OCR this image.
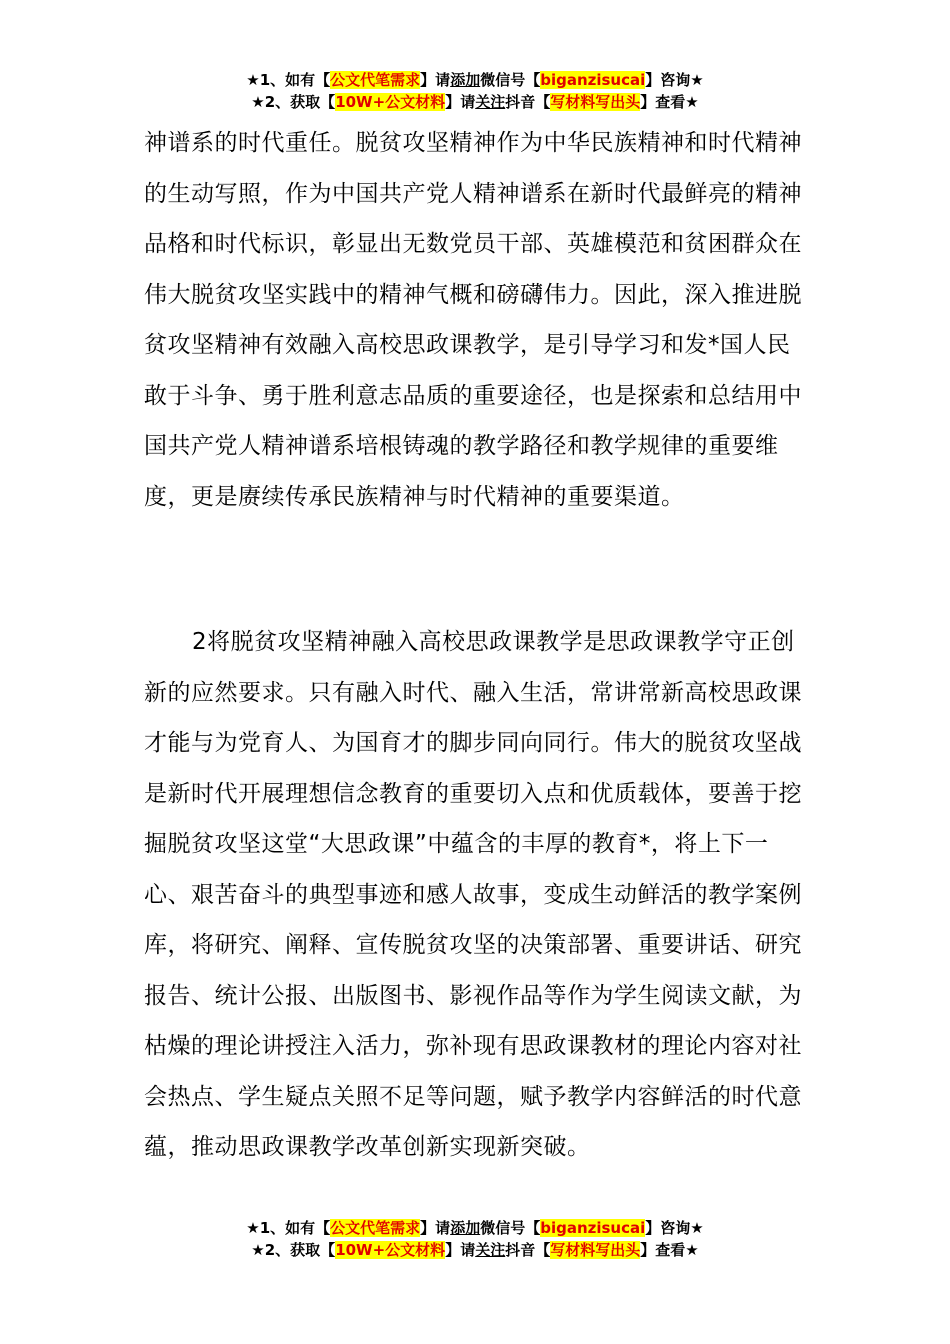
★1、如有【公文代笔需求】请添加微信号【biganzisucai】咨询★
★2、获取【10W+公文材料】请关注抖音【写材料写出头】查看★
神谱系的时代重任。脱贫攻坚精神作为中华民族精神和时代精神的生动写照，作为中国共产党人精神谱系在新时代最鲜亮的精神品格和时代标识，彰显出无数党员干部、英雄模范和贫困群众在伟大脱贫攻坚实践中的精神气概和磅礴伟力。因此，深入推进脱贫攻坚精神有效融入高校思政课教学，是引导学习和发*国人民敢于斗争、勇于胜利意志品质的重要途径，也是探索和总结用中国共产党人精神谱系培根铸魂的教学路径和教学规律的重要维度，更是赓续传承民族精神与时代精神的重要渠道。
2将脱贫攻坚精神融入高校思政课教学是思政课教学守正创新的应然要求。只有融入时代、融入生活，常讲常新高校思政课才能与为党育人、为国育才的脚步同向同行。伟大的脱贫攻坚战是新时代开展理想信念教育的重要切入点和优质载体，要善于挖掘脱贫攻坚这堂“大思政课”中蕴含的丰厚的教育*，将上下一心、艰苦奋斗的典型事迹和感人故事，变成生动鲜活的教学案例库，将研究、阐释、宣传脱贫攻坚的决策部署、重要讲话、研究报告、统计公报、出版图书、影视作品等作为学生阅读文献，为枯燥的理论讲授注入活力，弥补现有思政课教材的理论内容对社会热点、学生疑点关照不足等问题，赋予教学内容鲜活的时代意蕴，推动思政课教学改革创新实现新突破。
★1、如有【公文代笔需求】请添加微信号【biganzisucai】咨询★
★2、获取【10W+公文材料】请关注抖音【写材料写出头】查看★
